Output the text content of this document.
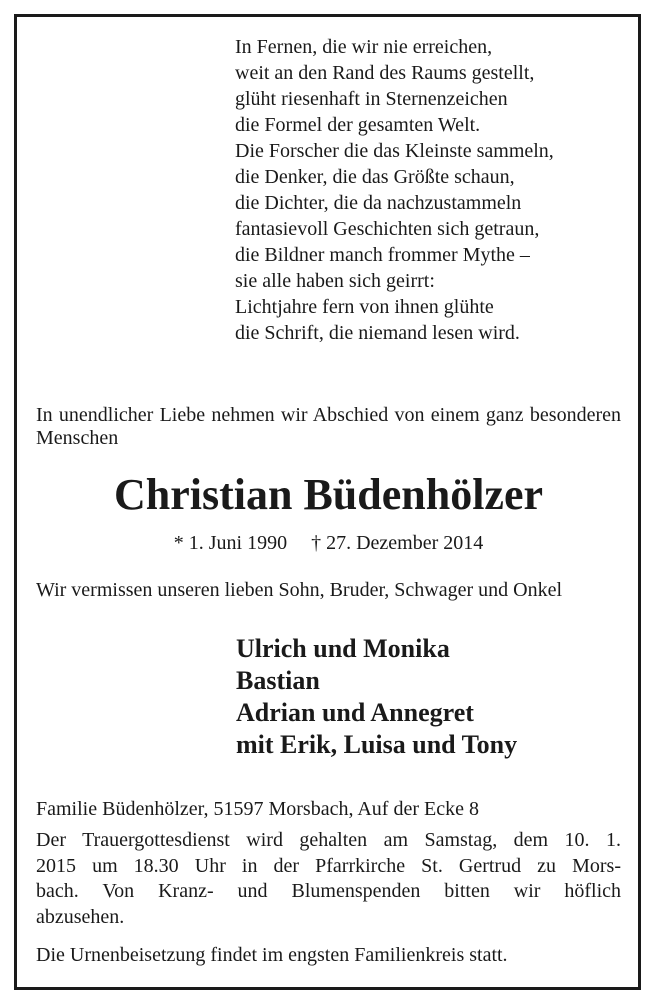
In Fernen, die wir nie erreichen,
weit an den Rand des Raums gestellt,
glüht riesenhaft in Sternenzeichen
die Formel der gesamten Welt.
Die Forscher die das Kleinste sammeln,
die Denker, die das Größte schaun,
die Dichter, die da nachzustammeln
fantasievoll Geschichten sich getraun,
die Bildner manch frommer Mythe –
sie alle haben sich geirrt:
Lichtjahre fern von ihnen glühte
die Schrift, die niemand lesen wird.
In unendlicher Liebe nehmen wir Abschied von einem ganz besonderen Menschen
Christian Büdenhölzer
* 1. Juni 1990 † 27. Dezember 2014
Wir vermissen unseren lieben Sohn, Bruder, Schwager und Onkel
Ulrich und Monika
Bastian
Adrian und Annegret
mit Erik, Luisa und Tony
Familie Büdenhölzer, 51597 Morsbach, Auf der Ecke 8
Der Trauergottesdienst wird gehalten am Samstag, dem 10. 1.
2015 um 18.30 Uhr in der Pfarrkirche St. Gertrud zu Mors-
bach. Von Kranz- und Blumenspenden bitten wir höflich
abzusehen.
Die Urnenbeisetzung findet im engsten Familienkreis statt.
